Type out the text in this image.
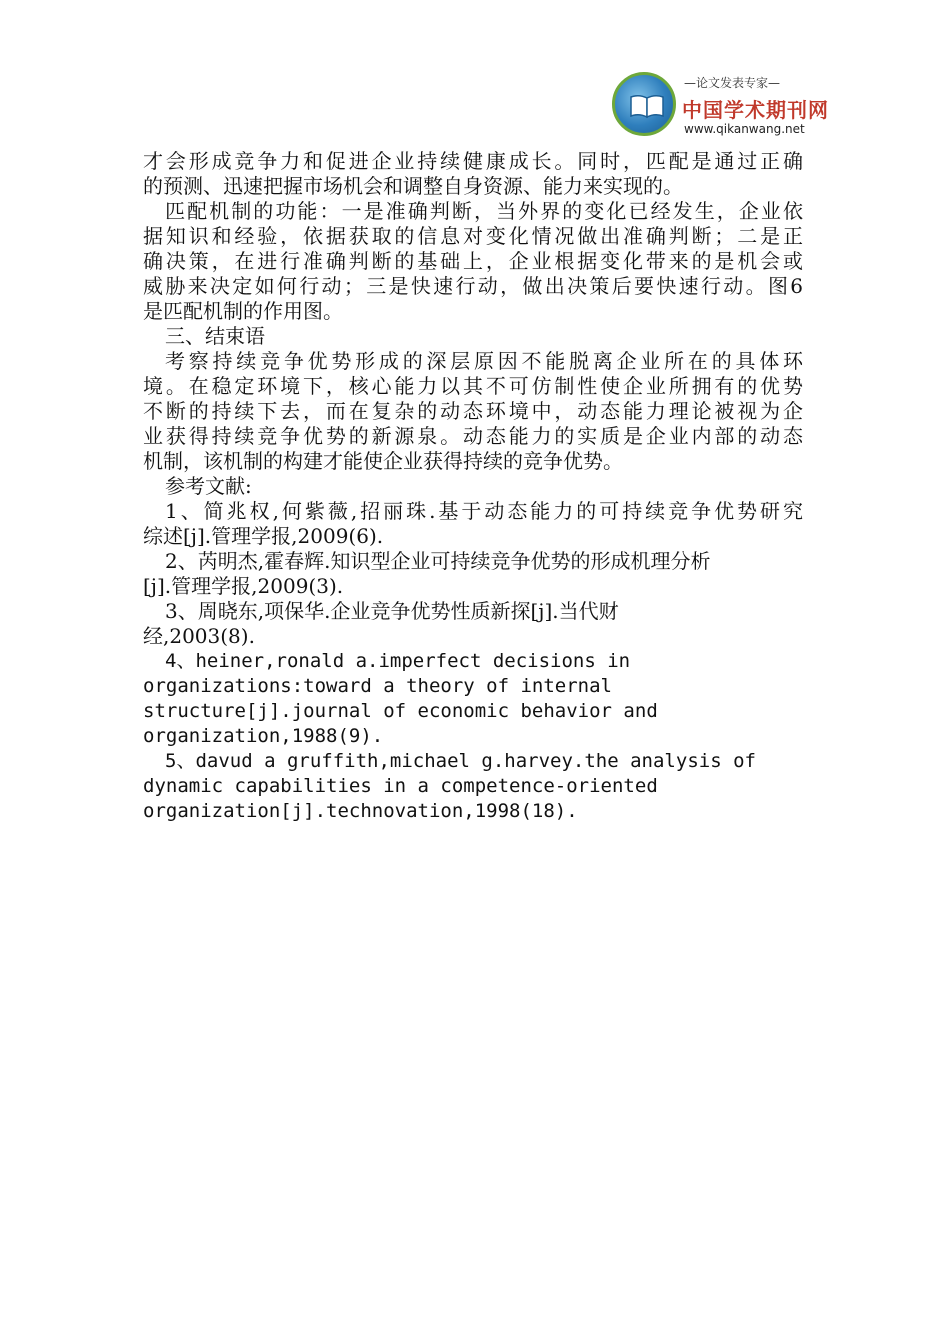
—论文发表专家—
中国学术期刊网
www.qikanwang.net
才会形成竞争力和促进企业持续健康成长。同时，匹配是通过正确
的预测、迅速把握市场机会和调整自身资源、能力来实现的。
匹配机制的功能：一是准确判断，当外界的变化已经发生，企业依
据知识和经验，依据获取的信息对变化情况做出准确判断；二是正
确决策，在进行准确判断的基础上，企业根据变化带来的是机会或
威胁来决定如何行动；三是快速行动，做出决策后要快速行动。图6
是匹配机制的作用图。
三、结束语
考察持续竞争优势形成的深层原因不能脱离企业所在的具体环
境。在稳定环境下，核心能力以其不可仿制性使企业所拥有的优势
不断的持续下去，而在复杂的动态环境中，动态能力理论被视为企
业获得持续竞争优势的新源泉。动态能力的实质是企业内部的动态
机制，该机制的构建才能使企业获得持续的竞争优势。
参考文献:
1、简兆权,何紫薇,招丽珠.基于动态能力的可持续竞争优势研究
综述[j].管理学报,2009(6).
2、芮明杰,霍春辉.知识型企业可持续竞争优势的形成机理分析
[j].管理学报,2009(3).
3、周晓东,项保华.企业竞争优势性质新探[j].当代财
经,2003(8).
4、heiner,ronald a.imperfect decisions in
organizations:toward a theory of internal
structure[j].journal of economic behavior and
organization,1988(9).
5、davud a gruffith,michael g.harvey.the analysis of
dynamic capabilities in a competence-oriented
organization[j].technovation,1998(18).
